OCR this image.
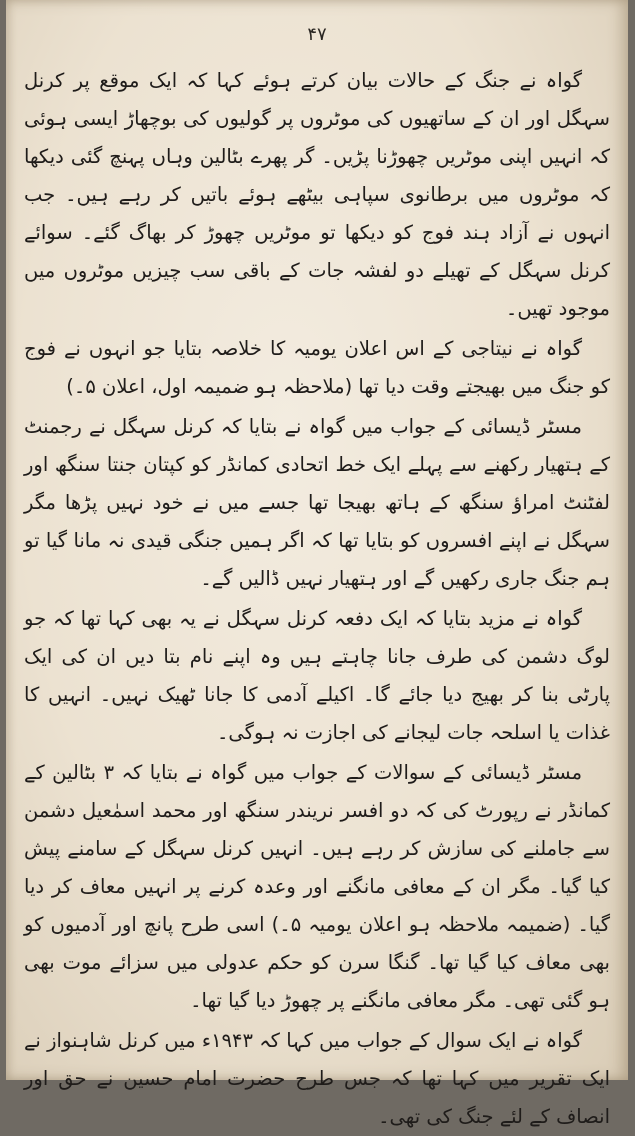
۴۷

گواہ نے جنگ کے حالات بیان کرتے ہوئے کہا کہ ایک موقع پر کرنل سہگل اور ان کے ساتھیوں کی موٹروں پر گولیوں کی بوچھاڑ ایسی ہوئی کہ انہیں اپنی موٹریں چھوڑنا پڑیں۔ گر پھرے بٹالین وہاں پہنچ گئی دیکھا کہ موٹروں میں برطانوی سپاہی بیٹھے ہوئے باتیں کر رہے ہیں۔ جب انہوں نے آزاد ہند فوج کو دیکھا تو موٹریں چھوڑ کر بھاگ گئے۔ سوائے کرنل سہگل کے تھیلے دو لفشہ جات کے باقی سب چیزیں موٹروں میں موجود تھیں۔

گواہ نے نیتاجی کے اس اعلان یومیہ کا خلاصہ بتایا جو انہوں نے فوج کو جنگ میں بھیجتے وقت دیا تھا (ملاحظہ ہو ضمیمہ اول، اعلان ۵۔)

مسٹر ڈیسائی کے جواب میں گواہ نے بتایا کہ کرنل سہگل نے رجمنٹ کے ہتھیار رکھنے سے پہلے ایک خط اتحادی کمانڈر کو کپتان جنتا سنگھ اور لفٹنٹ امراؤ سنگھ کے ہاتھ بھیجا تھا جسے میں نے خود نہیں پڑھا مگر سہگل نے اپنے افسروں کو بتایا تھا کہ اگر ہمیں جنگی قیدی نہ مانا گیا تو ہم جنگ جاری رکھیں گے اور ہتھیار نہیں ڈالیں گے۔

گواہ نے مزید بتایا کہ ایک دفعہ کرنل سہگل نے یہ بھی کہا تھا کہ جو لوگ دشمن کی طرف جانا چاہتے ہیں وہ اپنے نام بتا دیں ان کی ایک پارٹی بنا کر بھیج دیا جائے گا۔ اکیلے آدمی کا جانا ٹھیک نہیں۔ انہیں کا غذات یا اسلحہ جات لیجانے کی اجازت نہ ہوگی۔

مسٹر ڈیسائی کے سوالات کے جواب میں گواہ نے بتایا کہ ۳ بٹالین کے کمانڈر نے رپورٹ کی کہ دو افسر نریندر سنگھ اور محمد اسمٰعیل دشمن سے جاملنے کی سازش کر رہے ہیں۔ انہیں کرنل سہگل کے سامنے پیش کیا گیا۔ مگر ان کے معافی مانگنے اور وعدہ کرنے پر انہیں معاف کر دیا گیا۔ (ضمیمہ ملاحظہ ہو اعلان یومیہ ۵۔) اسی طرح پانچ اور آدمیوں کو بھی معاف کیا گیا تھا۔ گنگا سرن کو حکم عدولی میں سزائے موت بھی ہو گئی تھی۔ مگر معافی مانگنے پر چھوڑ دیا گیا تھا۔

گواہ نے ایک سوال کے جواب میں کہا کہ ۱۹۴۳ء میں کرنل شاہنواز نے ایک تقریر میں کہا تھا کہ جس طرح حضرت امام حسین نے حق اور انصاف کے لئے جنگ کی تھی۔
